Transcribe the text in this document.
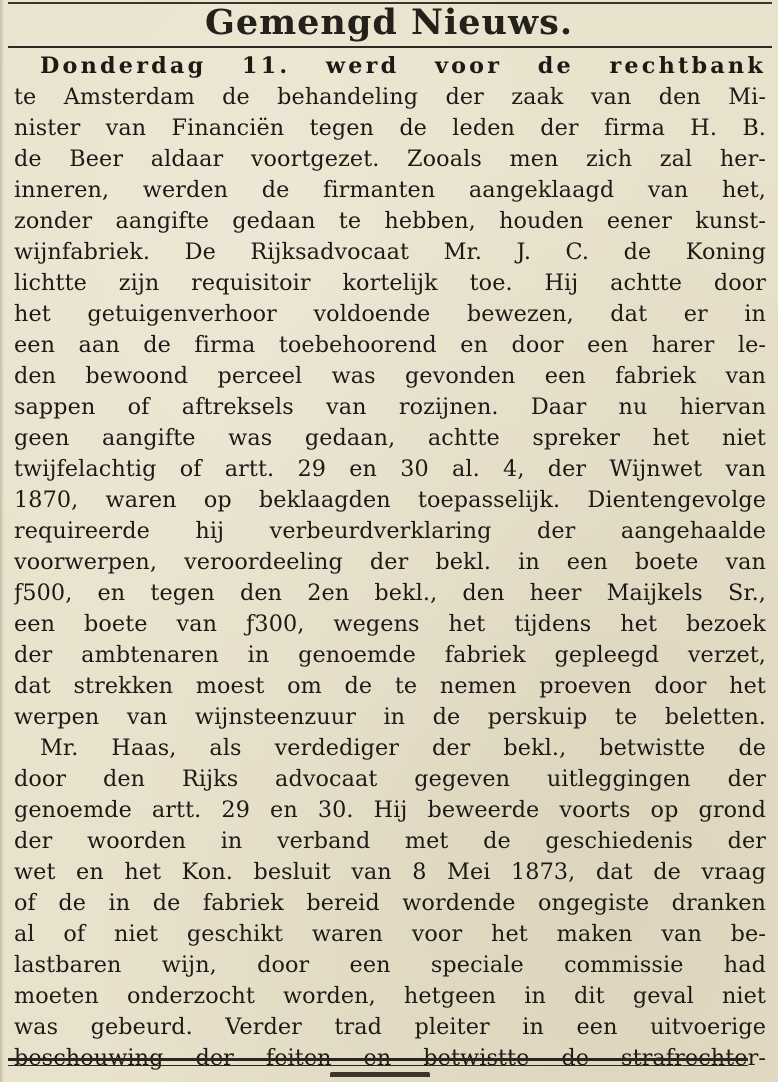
Gemengd Nieuws.
Donderdag 11. werd voor de rechtbank
te Amsterdam de behandeling der zaak van den Mi-
nister van Financiën tegen de leden der firma H. B.
de Beer aldaar voortgezet. Zooals men zich zal her-
inneren, werden de firmanten aangeklaagd van het,
zonder aangifte gedaan te hebben, houden eener kunst-
wijnfabriek. De Rijksadvocaat Mr. J. C. de Koning
lichtte zijn requisitoir kortelijk toe. Hij achtte door
het getuigenverhoor voldoende bewezen, dat er in
een aan de firma toebehoorend en door een harer le-
den bewoond perceel was gevonden een fabriek van
sappen of aftreksels van rozijnen. Daar nu hiervan
geen aangifte was gedaan, achtte spreker het niet
twijfelachtig of artt. 29 en 30 al. 4, der Wijnwet van
1870, waren op beklaagden toepasselijk. Dientengevolge
requireerde hij verbeurdverklaring der aangehaalde
voorwerpen, veroordeeling der bekl. in een boete van
ƒ500, en tegen den 2en bekl., den heer Maijkels Sr.,
een boete van ƒ300, wegens het tijdens het bezoek
der ambtenaren in genoemde fabriek gepleegd verzet,
dat strekken moest om de te nemen proeven door het
werpen van wijnsteenzuur in de perskuip te beletten.
Mr. Haas, als verdediger der bekl., betwistte de
door den Rijks advocaat gegeven uitleggingen der
genoemde artt. 29 en 30. Hij beweerde voorts op grond
der woorden in verband met de geschiedenis der
wet en het Kon. besluit van 8 Mei 1873, dat de vraag
of de in de fabriek bereid wordende ongegiste dranken
al of niet geschikt waren voor het maken van be-
lastbaren wijn, door een speciale commissie had
moeten onderzocht worden, hetgeen in dit geval niet
was gebeurd. Verder trad pleiter in een uitvoerige
beschouwing der feiten en betwistte de strafrechter-
